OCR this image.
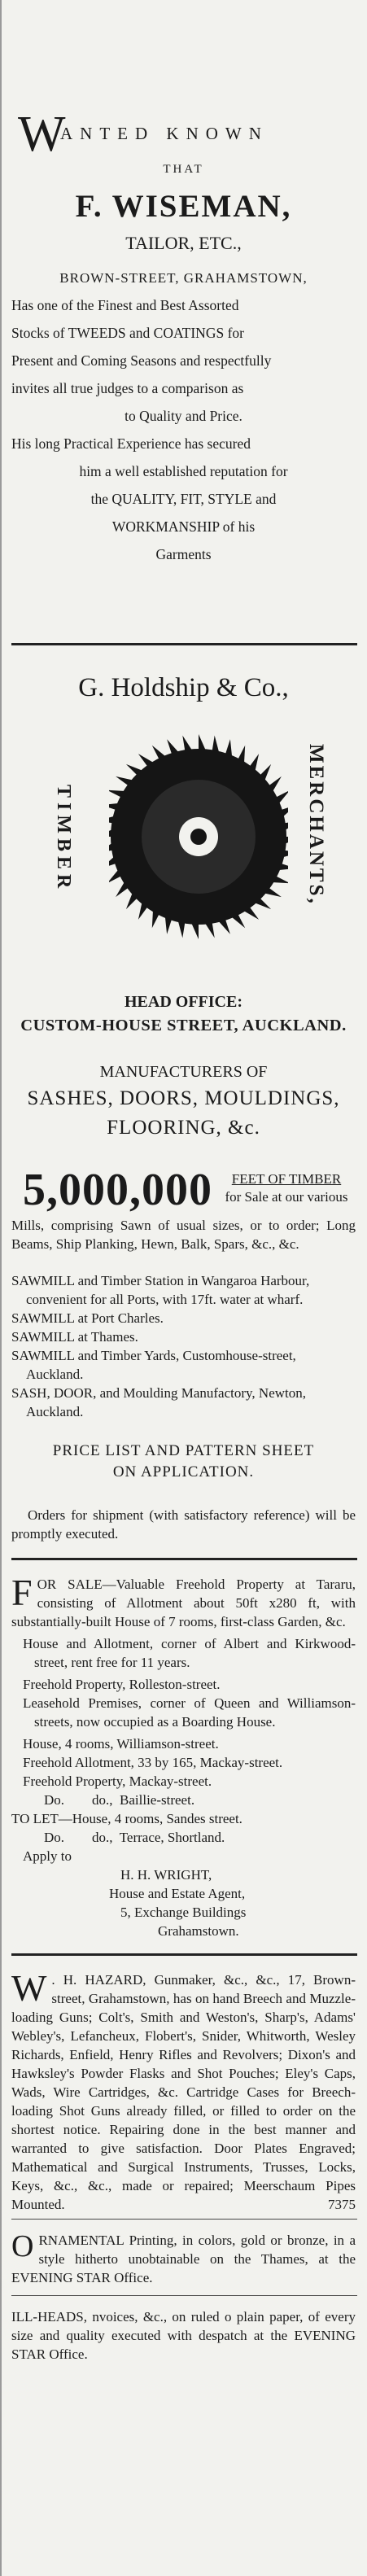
W
ANTED KNOWN
THAT
F. WISEMAN,
TAILOR, ETC.,
BROWN-STREET, GRAHAMSTOWN,

Has one of the Finest and Best Assorted

Stocks of TWEEDS and COATINGS for

Present and Coming Seasons and respectfully

invites all true judges to a comparison as

to Quality and Price.

His long Practical Experience has secured

him a well established reputation for

the QUALITY, FIT, STYLE and

WORKMANSHIP of his

Garments

G. Holdship & Co.,
TIMBER	MERCHANTS,
HEAD OFFICE:
CUSTOM-HOUSE STREET, AUCKLAND.
MANUFACTURERS OF
SASHES, DOORS, MOULDINGS,
FLOORING, &c.
5,000,000	FEET OF TIMBER
for Sale at our various
Mills, comprising Sawn of usual sizes, or to order; Long Beams, Ship Planking, Hewn, Balk, Spars, &c., &c.

SAWMILL and Timber Station in Wangaroa Harbour, convenient for all Ports, with 17ft. water at wharf.

SAWMILL at Port Charles.

SAWMILL at Thames.

SAWMILL and Timber Yards, Customhouse-street, Auckland.

SASH, DOOR, and Moulding Manufactory, Newton, Auckland.

PRICE LIST AND PATTERN SHEET
ON APPLICATION.
Orders for shipment (with satisfactory reference) will be promptly executed.
F OR SALE—Valuable Freehold Property at Tararu, consisting of Allotment about 50ft x280 ft, with substantially-built House of 7 rooms, first-class Garden, &c.

House and Allotment, corner of Albert and Kirkwood-street, rent free for 11 years.

Freehold Property, Rolleston-street.

Leasehold Premises, corner of Queen and Williamson-streets, now occupied as a Boarding House.

House, 4 rooms, Williamson-street.

Freehold Allotment, 33 by 165, Mackay-street.

Freehold Property, Mackay-street.

Do.        do.,  Baillie-street.

TO LET—House, 4 rooms, Sandes street.

Do.        do.,  Terrace, Shortland.

Apply to

H. H. WRIGHT,
House and Estate Agent,
5, Exchange Buildings
Grahamstown.
W . H. HAZARD, Gunmaker, &c., &c., 17, Brown-street, Grahamstown, has on hand Breech and Muzzle-loading Guns; Colt's, Smith and Weston's, Sharp's, Adams' Webley's, Lefancheux, Flobert's, Snider, Whitworth, Wesley Richards, Enfield, Henry Rifles and Revolvers; Dixon's and Hawksley's Powder Flasks and Shot Pouches; Eley's Caps, Wads, Wire Cartridges, &c. Cartridge Cases for Breech-loading Shot Guns already filled, or filled to order on the shortest notice. Repairing done in the best manner and warranted to give satisfaction. Door Plates Engraved; Mathematical and Surgical Instruments, Trusses, Locks, Keys, &c., &c., made or repaired; Meerschaum Pipes Mounted.	7375
O RNAMENTAL Printing, in colors, gold or bronze, in a style hitherto unobtainable on the Thames, at the EVENING STAR Office.
ILL-HEADS, nvoices, &c., on ruled o plain paper, of every size and quality executed with despatch at the EVENING STAR Office.
